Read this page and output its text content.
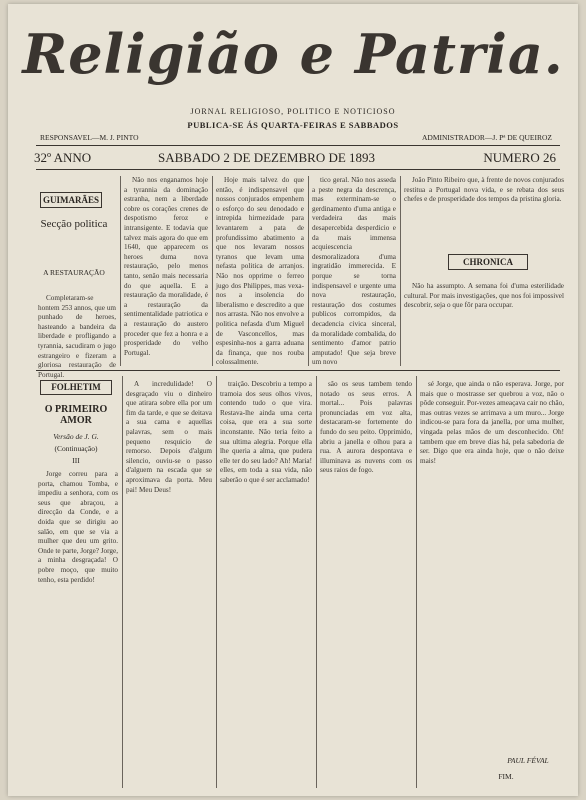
Religião e Patria.
JORNAL RELIGIOSO, POLITICO E NOTICIOSO
PUBLICA-SE ÁS QUARTA-FEIRAS E SABBADOS
RESPONSAVEL—M. J. PINTO	ADMINISTRADOR—J. Pª DE QUEIROZ
32º ANNO	SABBADO 2 DE DEZEMBRO DE 1893	NUMERO 26
GUIMARÃES
Secção politica
A RESTAURAÇÃO

Completaram-se hontem 253 annos, que um punhado de heroes, hasteando a bandeira da liberdade e profligando a tyrannia, sacudiram o jugo estrangeiro e fizeram a gloriosa restauração de Portugal.

Não nos enganamos hoje a tyrannia da dominação estranha, nem a liberdade cobre os corações crenes de despotismo feroz e intransigente. E todavia que talvez mais agora do que em 1640, que apparecem os heroes duma nova restauração, pelo menos tanto, senão mais necessaria do que aquella. E a restauração da moralidade, é a restauração da sentimentalidade patriotica e a restauração do austero proceder que fez a honra e a prosperidade do velho Portugal.

Hoje mais talvez do que então, é indispensavel que nossos conjurados empenhem o esforço do seu denodado e intrepida hirmezidade para levantarem a pata de profundissimo abatimento a que nos levaram nossos tyranos que levam uma nefasta politica de arranjos. Não nos opprime o ferreo jugo dos Philippes, mas vexa-nos a insolencia do liberalismo e descredito a que nos arrasta. Não nos envolve a politica nefasda d'um Miguel de Vasconcellos, mas espesinha-nos a garra aduana da finança, que nos rouba colossalmente.

tico geral. Não nos asseda a peste negra da descrença, mas exterminam-se o gerdinamento d'uma antiga e verdadeira das mais desapercebida desperdicio e da mais immensa acquiescencia desmoralizadora d'uma ingratidão immerecida. E porque se torna indispensavel e urgente uma nova restauração, restauração dos costumes publicos corrompidos, da decadencia civica sinceral, da moralidade combalida, do sentimento d'amor patrio amputado! Que seja breve um novo

João Pinto Ribeiro que, à frente de novos conjurados restitua a Portugal nova vida, e se rebata dos seus chefes e de prosperidade dos tempos da pristina gloria.

CHRONICA

Não ha assumpto. A semana foi d'uma esterilidade cultural. Por mais investigações, que nos foi impossivel descobrir, seja o que fôr para occupar.

FOLHETIM
O PRIMEIRO AMOR
Versão de J. G.
(Continuação)
III

Jorge correu para a porta, chamou Tomba, e impediu a senhora, com os seus que abraçou, a direcção da Conde, e a doida que se dirigiu ao salão, em que se via a mulher que deu um grito. Onde te parte, Jorge? Jorge, a minha desgraçada! O pobre moço, que muito tenho, esta perdido!

A incredulidade! O desgraçado viu o dinheiro que atirara sobre ella por um fim da tarde, e que se deitava a sua cama e aquellas palavras, sem o mais pequeno resquicio de remorso. Depois d'algum silencio, ouviu-se o passo d'alguem na escada que se aproximava da porta. Meu pai! Meu Deus!

traição. Descobriu a tempo a tramoia dos seus olhos vivos, contendo tudo o que vira. Restava-lhe ainda uma certa coisa, que era a sua sorte inconstante. Não teria feito a sua ultima alegria. Porque ella lhe queria a alma, que pudera elle ter do seu lado? Ah! Maria! elles, em toda a sua vida, não saberão o que é ser acclamado!

são os seus tambem tendo notado os seus erros. A mortal... Pois palavras pronunciadas em voz alta, destacaram-se fortemente do fundo do seu peito. Opprimido, abriu a janella e olhou para a rua. A aurora despontava e illuminava as nuvens com os seus raios de fogo.

sé Jorge, que ainda o não esperava. Jorge, por mais que o mostrasse ser quebrou a voz, não o pôde conseguir. Por-vezes ameaçava cair no chão, mas outras vezes se arrimava a um muro... Jorge indicou-se para fora da janella, por uma mulher, vingada pelas mãos de um desconhecido. Oh! tambem que em breve dias há, pela sabedoria de ser. Digo que era ainda hoje, que o não deixe mais!

PAUL FÉVAL
FIM.
